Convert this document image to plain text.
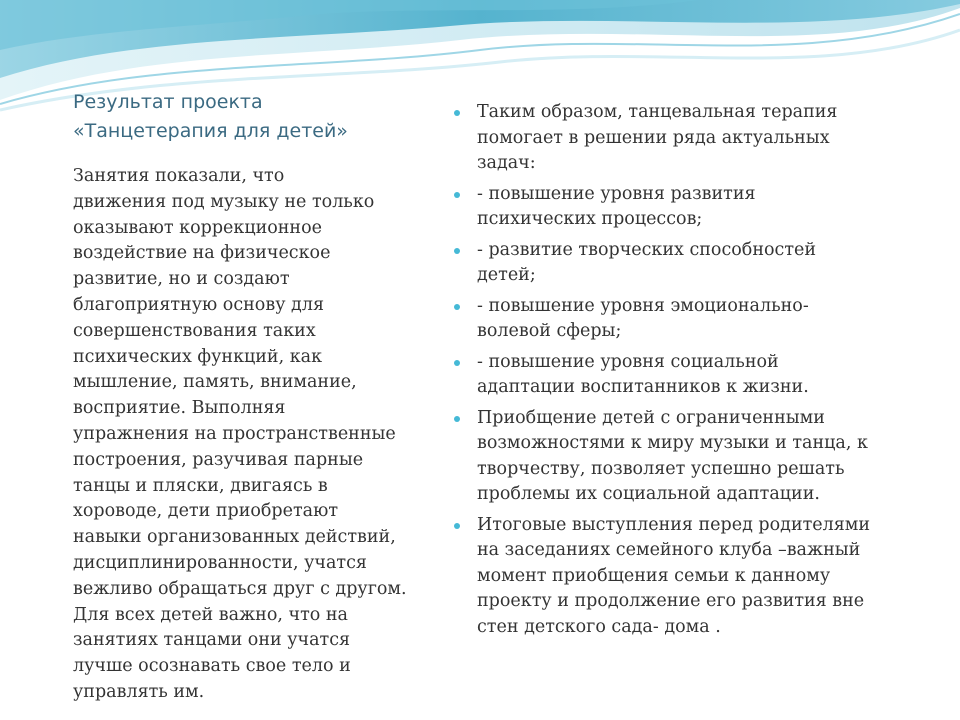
Результат проекта
«Танцетерапия для детей»
Занятия показали, что
движения под музыку не только
оказывают коррекционное
воздействие на физическое
развитие, но и создают
благоприятную основу для
совершенствования таких
психических функций, как
мышление, память, внимание,
восприятие. Выполняя
упражнения на пространственные
построения, разучивая парные
танцы и пляски, двигаясь в
хороводе, дети приобретают
навыки организованных действий,
дисциплинированности, учатся
вежливо обращаться друг с другом.
Для всех детей важно, что на
занятиях танцами они учатся
лучше осознавать свое тело и
управлять им.
Таким образом, танцевальная терапия
помогает в решении ряда актуальных
задач:
- повышение уровня развития
психических процессов;
- развитие творческих способностей
детей;
- повышение уровня эмоционально-
волевой сферы;
- повышение уровня социальной
адаптации воспитанников к жизни.
Приобщение детей с ограниченными
возможностями к миру музыки и танца, к
творчеству, позволяет успешно решать
проблемы их социальной адаптации.
Итоговые выступления перед родителями
на заседаниях семейного клуба –важный
момент приобщения семьи к данному
проекту и продолжение его развития вне
стен детского сада- дома .
